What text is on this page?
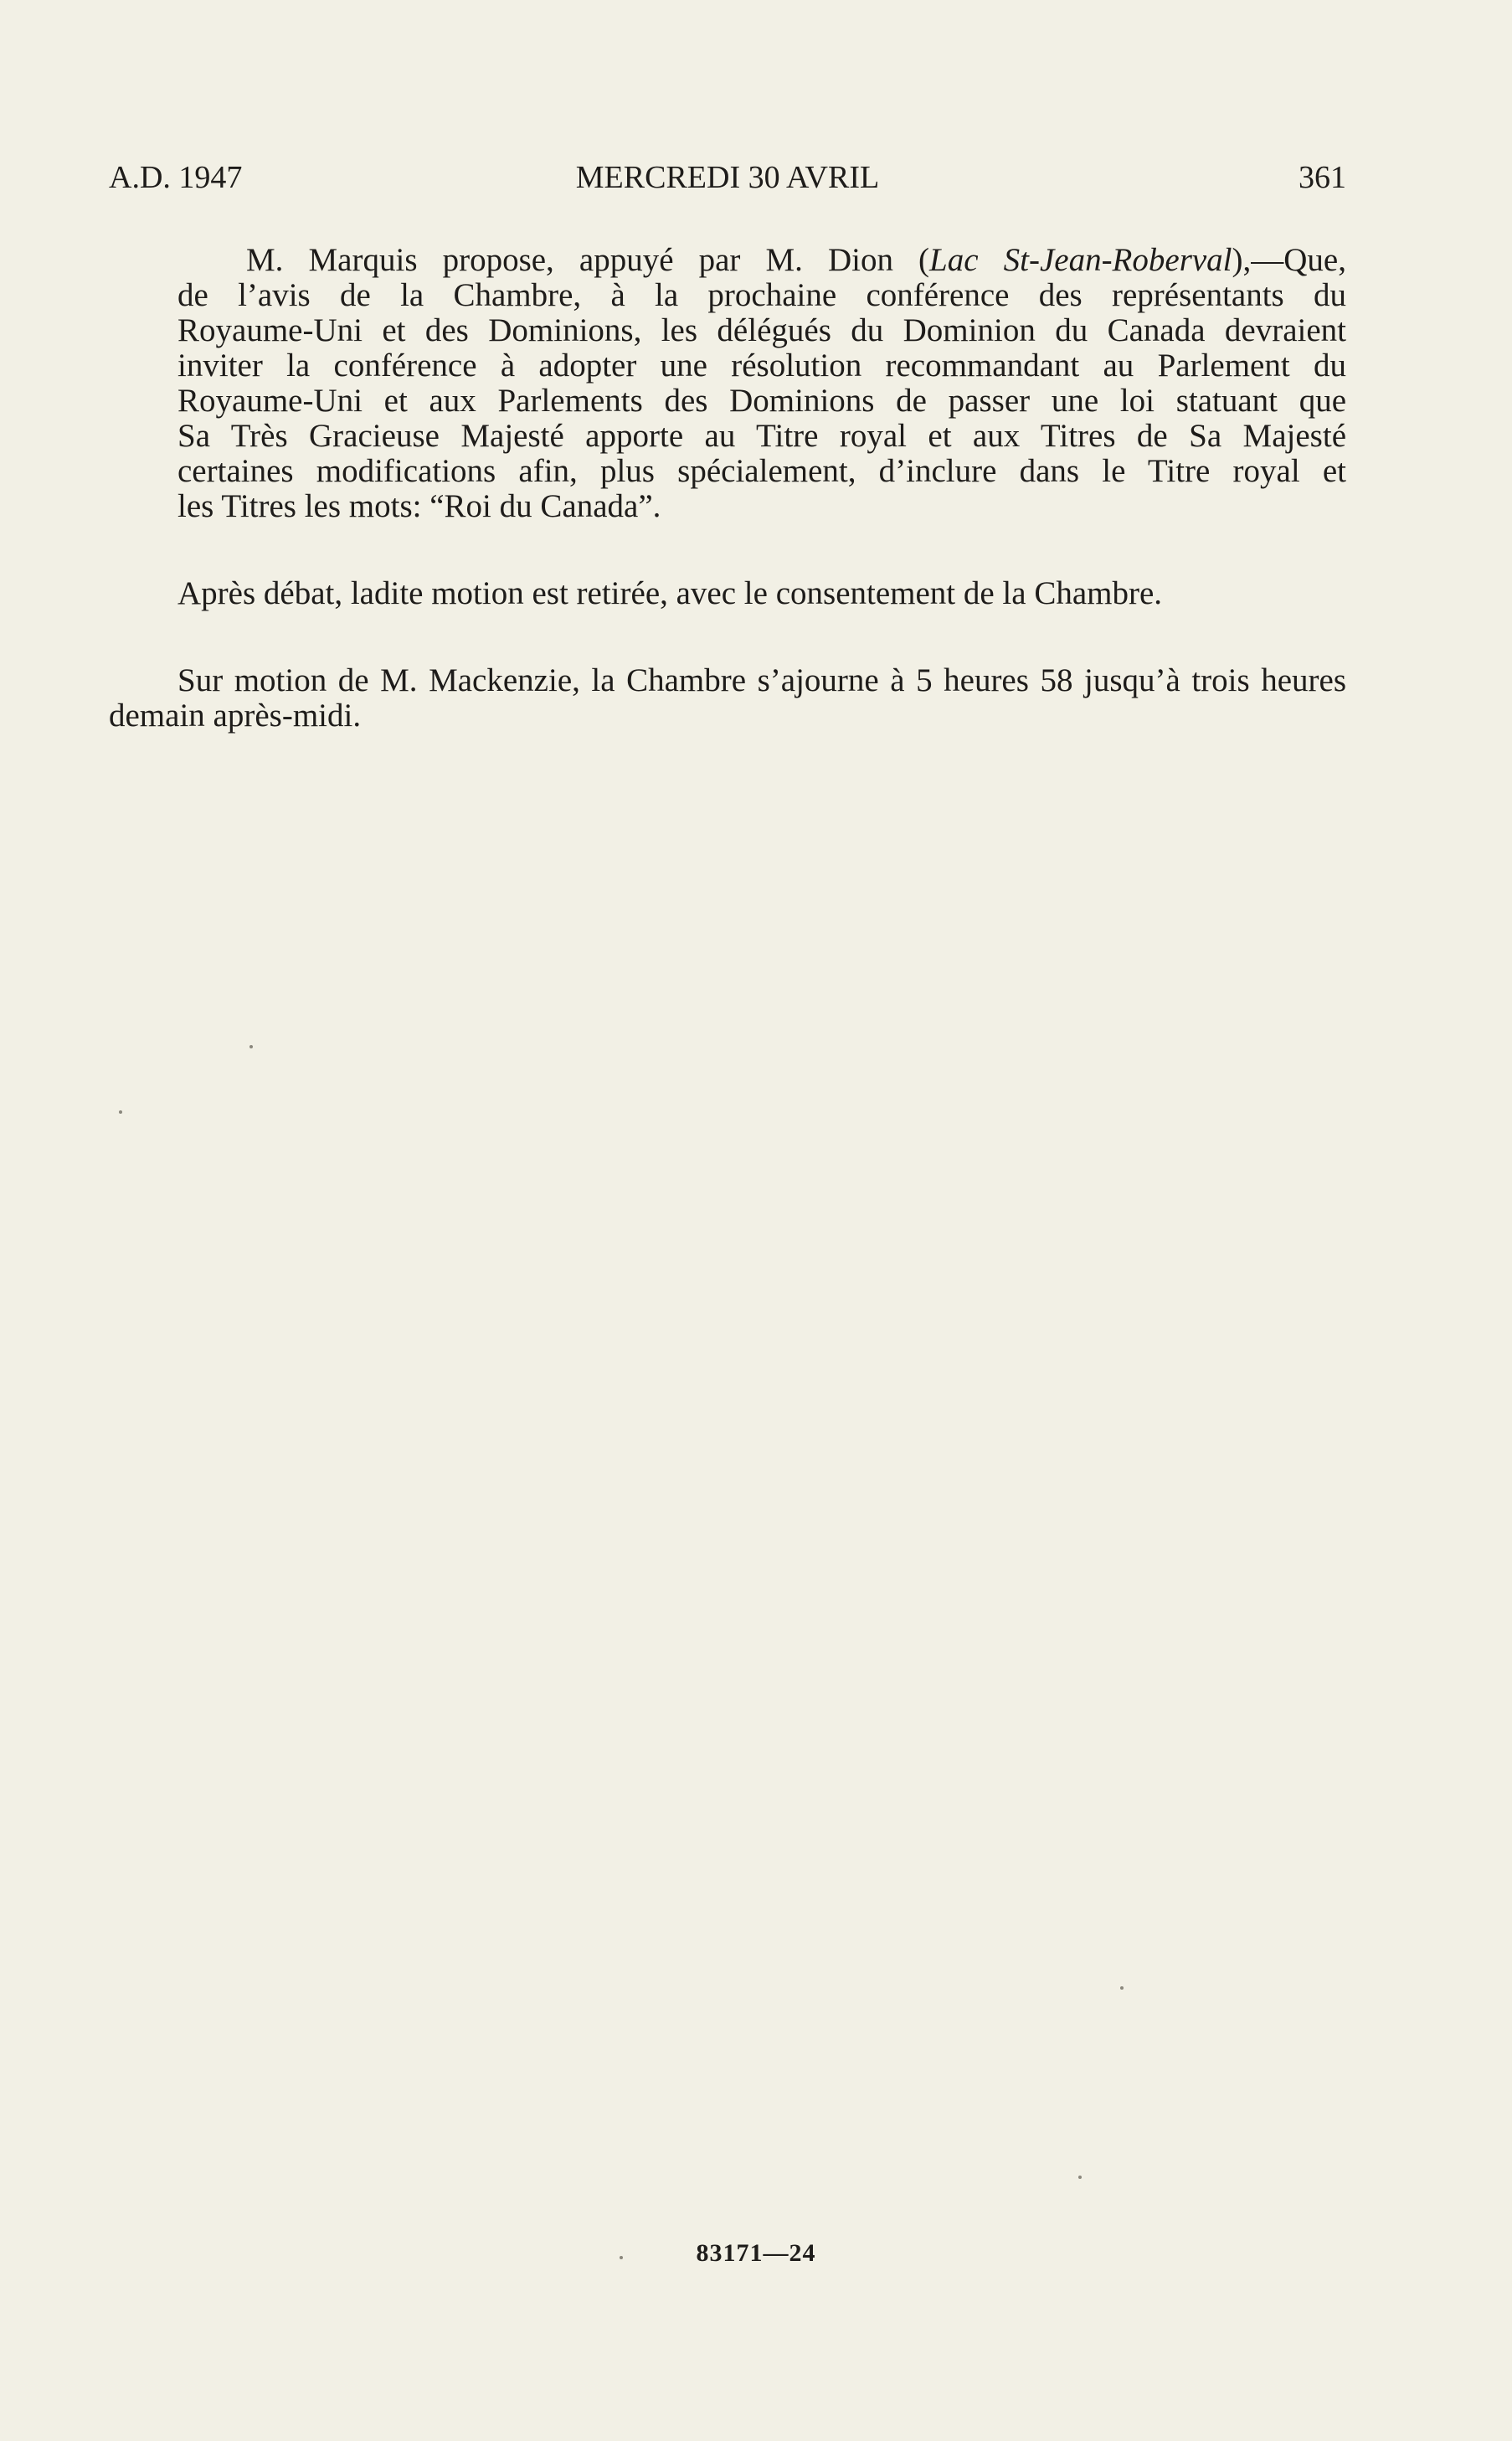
A.D. 1947	MERCREDI 30 AVRIL	361

M. Marquis propose, appuyé par M. Dion (Lac St-Jean-Roberval),—Que,
de l’avis de la Chambre, à la prochaine conférence des représentants du
Royaume-Uni et des Dominions, les délégués du Dominion du Canada devraient
inviter la conférence à adopter une résolution recommandant au Parlement du
Royaume-Uni et aux Parlements des Dominions de passer une loi statuant que
Sa Très Gracieuse Majesté apporte au Titre royal et aux Titres de Sa Majesté
certaines modifications afin, plus spécialement, d’inclure dans le Titre royal et
les Titres les mots: “Roi du Canada”.

Après débat, ladite motion est retirée, avec le consentement de la Chambre.

Sur motion de M. Mackenzie, la Chambre s’ajourne à 5 heures 58 jusqu’à trois heures demain après-midi.

83171—24
